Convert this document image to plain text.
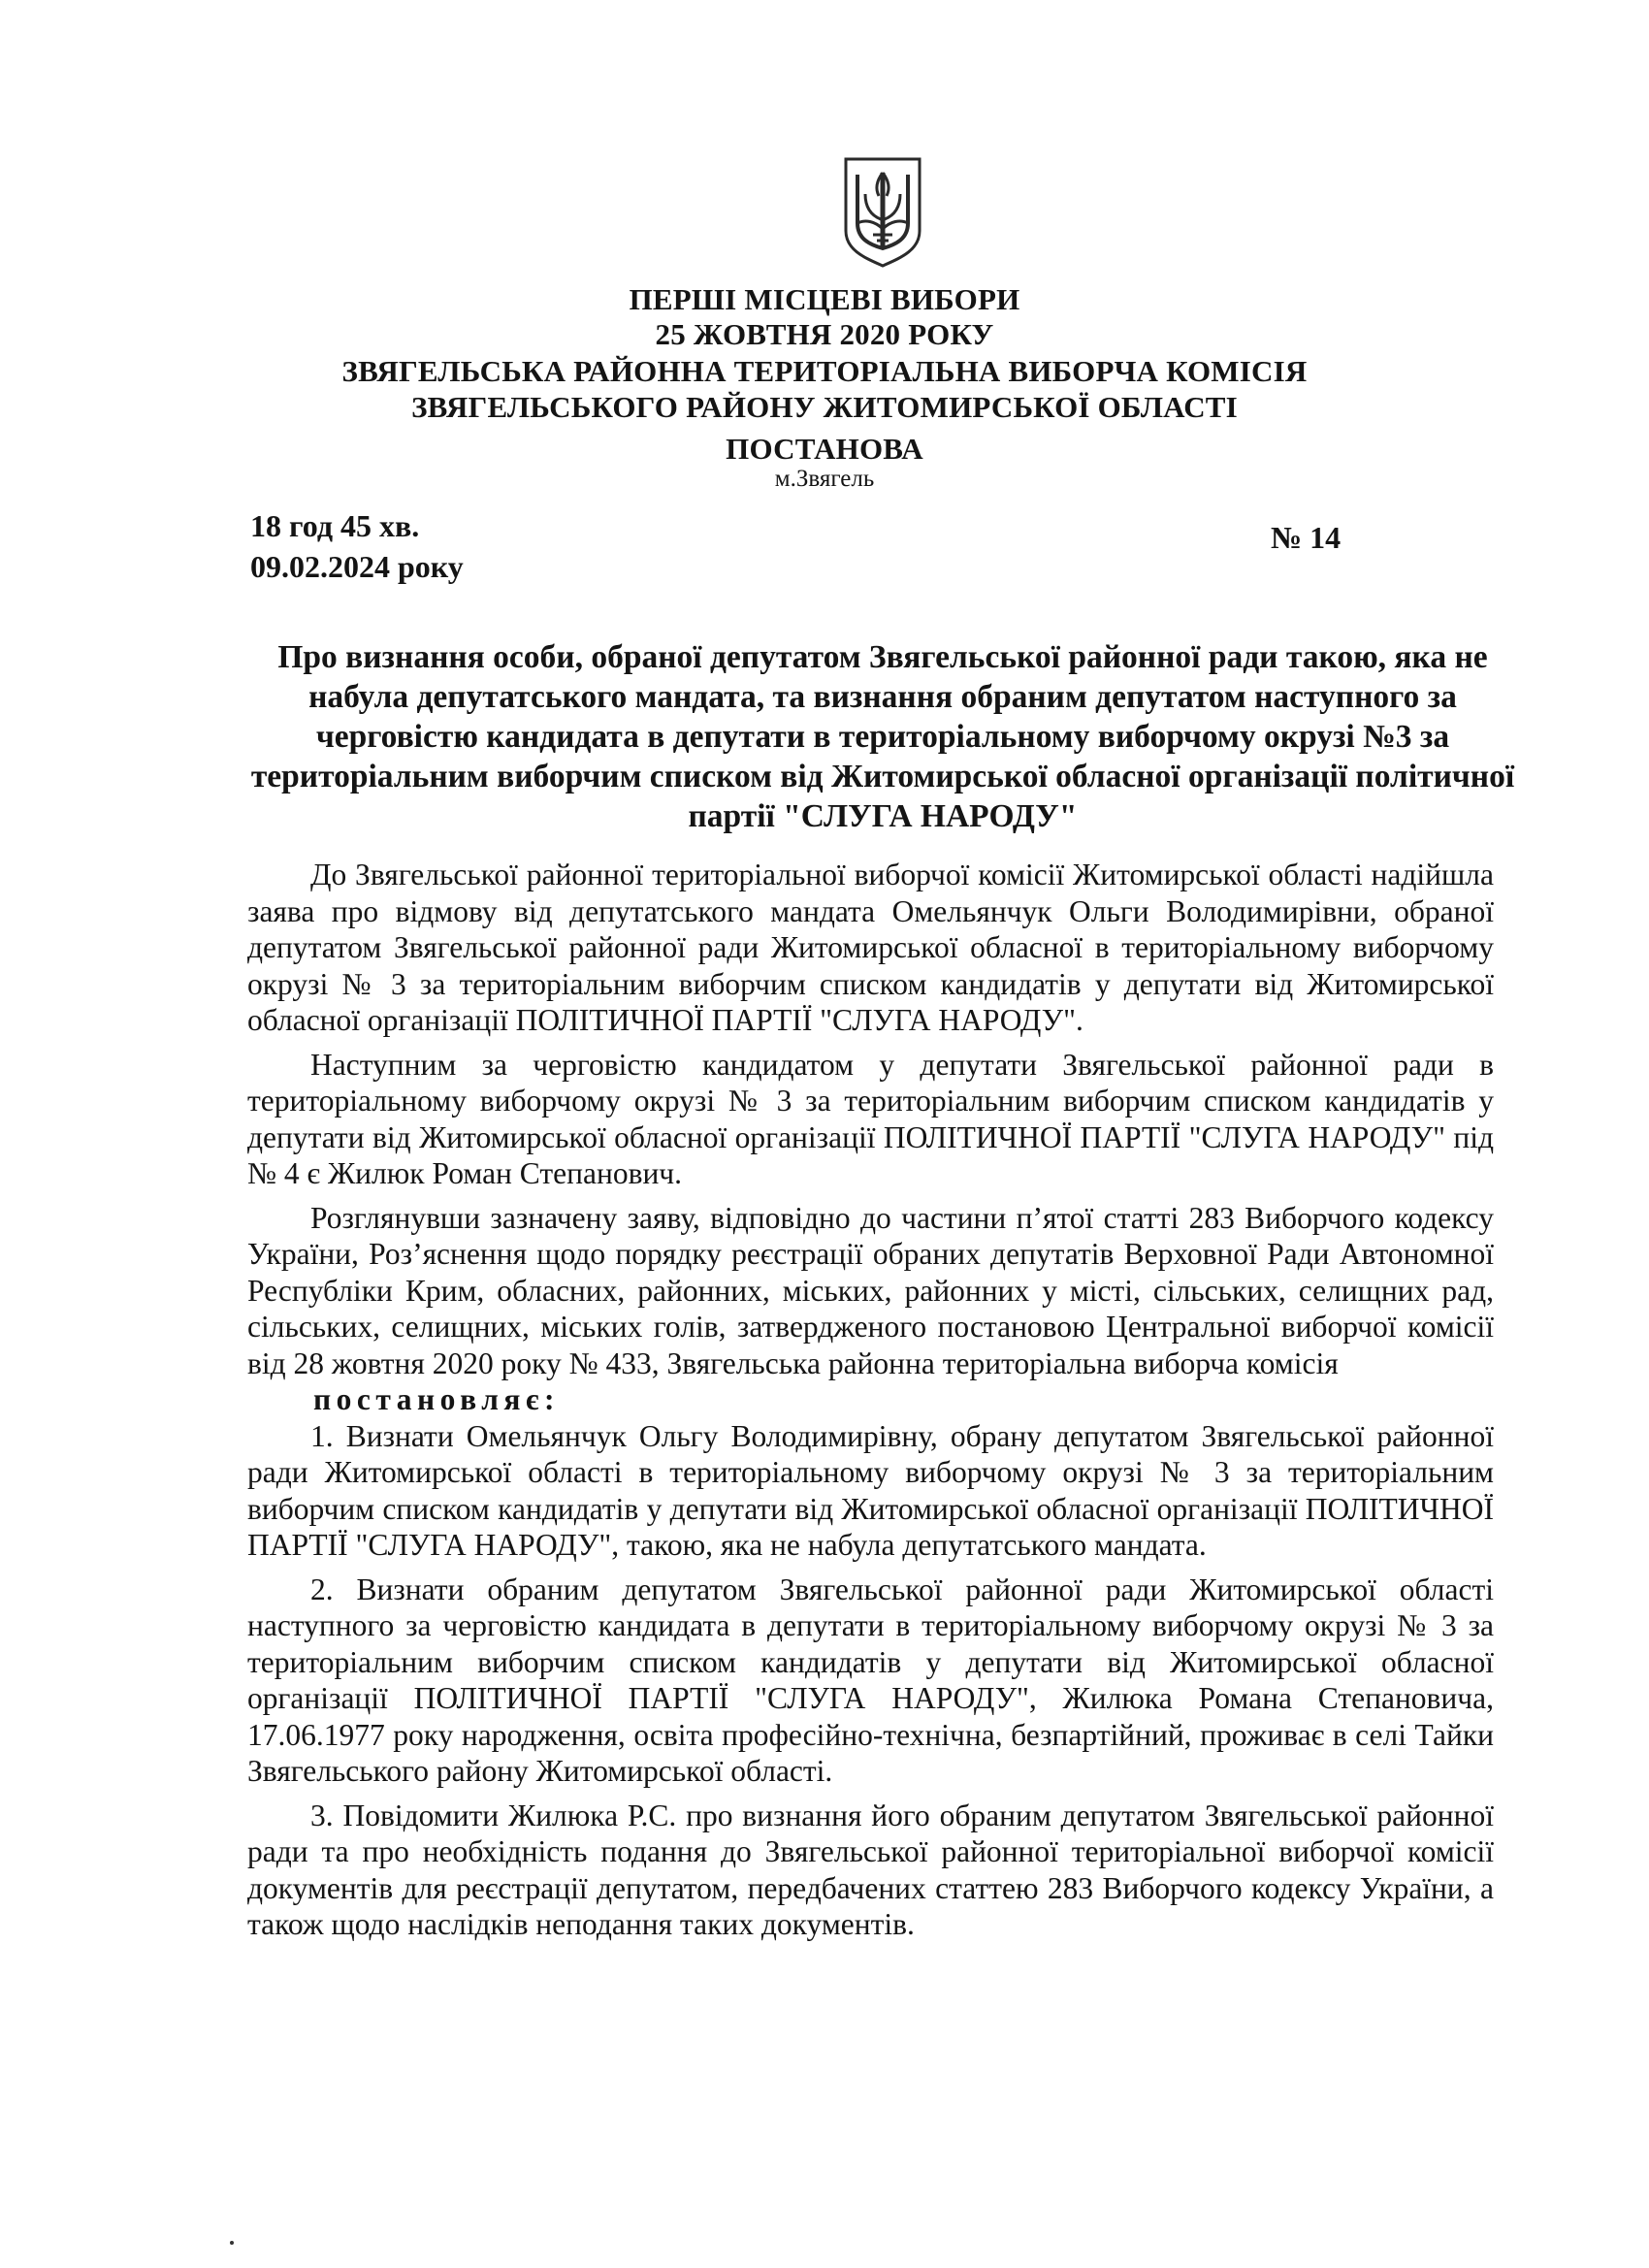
ПЕРШІ МІСЦЕВІ ВИБОРИ
25 ЖОВТНЯ 2020 РОКУ
ЗВЯГЕЛЬСЬКА РАЙОННА ТЕРИТОРІАЛЬНА ВИБОРЧА КОМІСІЯ
ЗВЯГЕЛЬСЬКОГО РАЙОНУ ЖИТОМИРСЬКОЇ ОБЛАСТІ
ПОСТАНОВА
м.Звягель
18 год 45 хв.
09.02.2024 року
№ 14
Про визнання особи, обраної депутатом Звягельської районної ради такою, яка не набула депутатського мандата, та визнання обраним депутатом наступного за черговістю кандидата в депутати в територіальному виборчому окрузі №3 за територіальним виборчим списком від Житомирської обласної організації політичної партії "СЛУГА НАРОДУ"

До Звягельської районної територіальної виборчої комісії Житомирської області надійшла заява про відмову від депутатського мандата Омельянчук Ольги Володимирівни, обраної депутатом Звягельської районної ради Житомирської обласної в територіальному виборчому окрузі № 3 за територіальним виборчим списком кандидатів у депутати від Житомирської обласної організації ПОЛІТИЧНОЇ ПАРТІЇ "СЛУГА НАРОДУ".

Наступним за черговістю кандидатом у депутати Звягельської районної ради в територіальному виборчому окрузі № 3 за територіальним виборчим списком кандидатів у депутати від Житомирської обласної організації ПОЛІТИЧНОЇ ПАРТІЇ "СЛУГА НАРОДУ" під № 4 є Жилюк Роман Степанович.

Розглянувши зазначену заяву, відповідно до частини п’ятої статті 283 Виборчого кодексу України, Роз’яснення щодо порядку реєстрації обраних депутатів Верховної Ради Автономної Республіки Крим, обласних, районних, міських, районних у місті, сільських, селищних рад, сільських, селищних, міських голів, затвердженого постановою Центральної виборчої комісії від 28 жовтня 2020 року № 433, Звягельська районна територіальна виборча комісія

постановляє:

1. Визнати Омельянчук Ольгу Володимирівну, обрану депутатом Звягельської районної ради Житомирської області в територіальному виборчому окрузі № 3 за територіальним виборчим списком кандидатів у депутати від Житомирської обласної організації ПОЛІТИЧНОЇ ПАРТІЇ "СЛУГА НАРОДУ", такою, яка не набула депутатського мандата.

2. Визнати обраним депутатом Звягельської районної ради Житомирської області наступного за черговістю кандидата в депутати в територіальному виборчому окрузі № 3 за територіальним виборчим списком кандидатів у депутати від Житомирської обласної організації ПОЛІТИЧНОЇ ПАРТІЇ "СЛУГА НАРОДУ", Жилюка Романа Степановича, 17.06.1977 року народження, освіта професійно-технічна, безпартійний, проживає в селі Тайки Звягельського району Житомирської області.

3. Повідомити Жилюка Р.С. про визнання його обраним депутатом Звягельської районної ради та про необхідність подання до Звягельської районної територіальної виборчої комісії документів для реєстрації депутатом, передбачених статтею 283 Виборчого кодексу України, а також щодо наслідків неподання таких документів.
